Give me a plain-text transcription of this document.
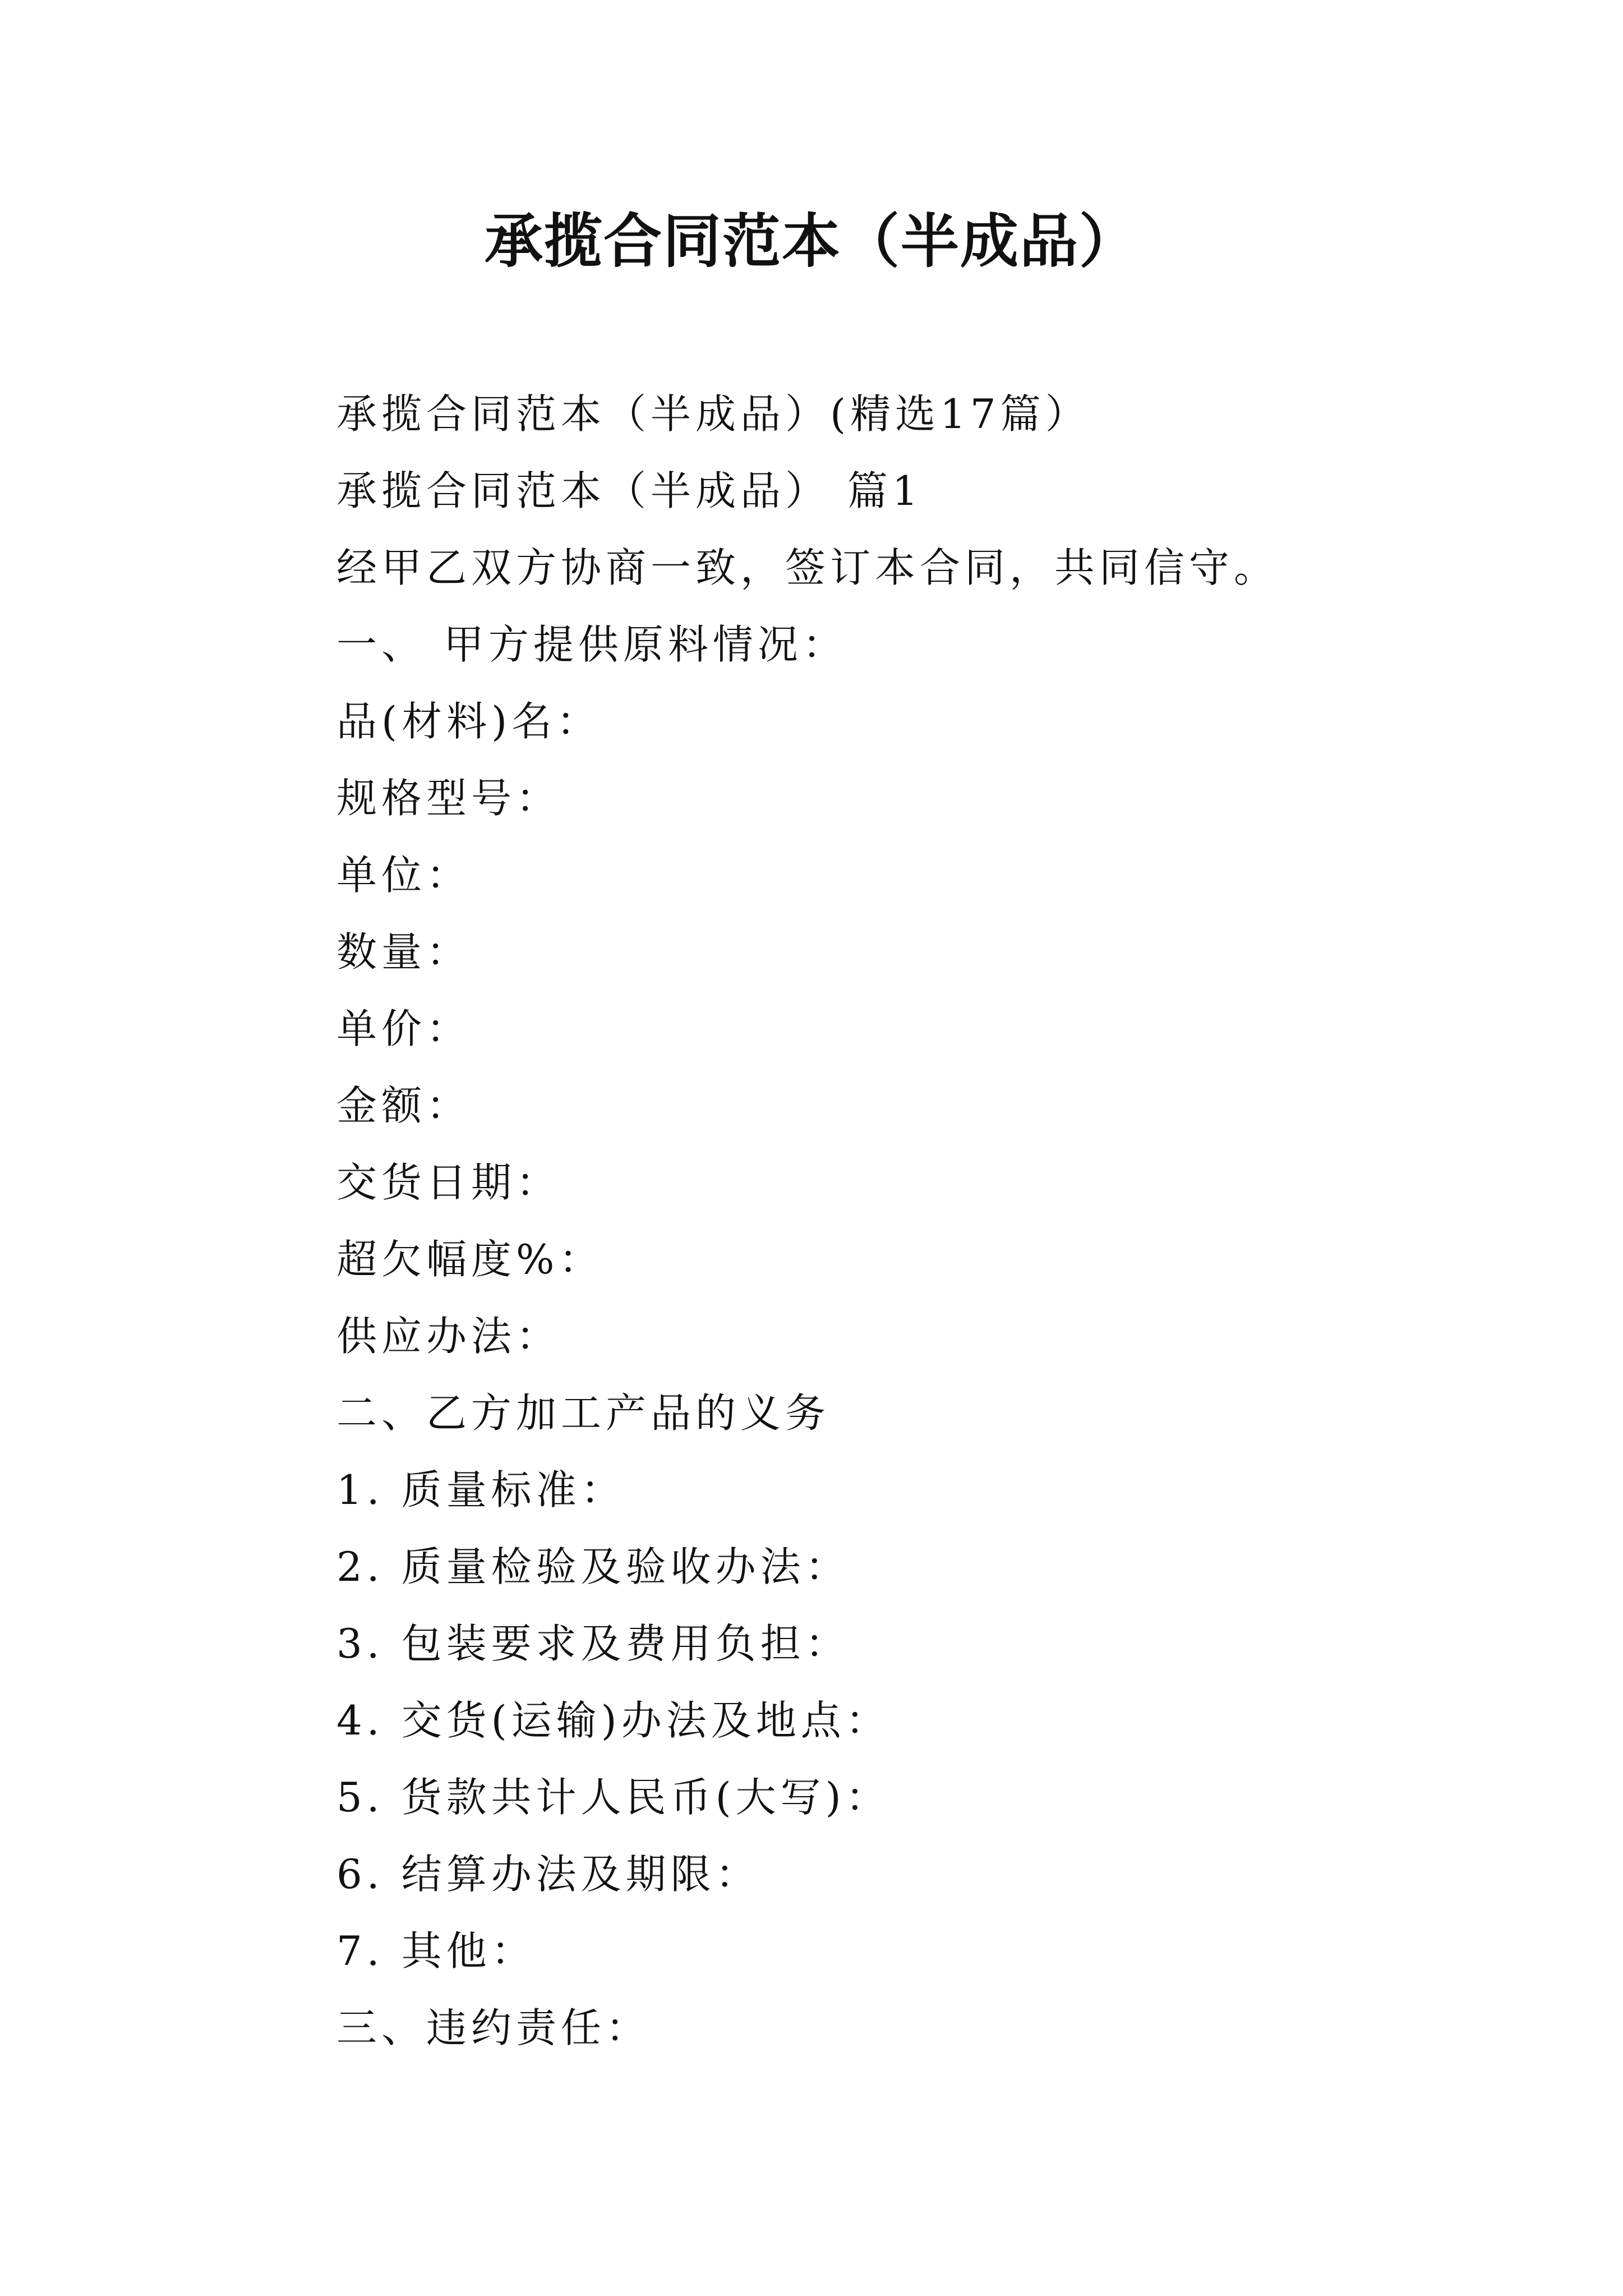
承揽合同范本（半成品）
承揽合同范本（半成品）(精选17篇）
承揽合同范本（半成品） 篇1
经甲乙双方协商一致，签订本合同，共同信守。
一、 甲方提供原料情况：
品(材料)名：
规格型号：
单位：
数量：
单价：
金额：
交货日期：
超欠幅度%：
供应办法：
二、乙方加工产品的义务
1. 质量标准：
2. 质量检验及验收办法：
3. 包装要求及费用负担：
4. 交货(运输)办法及地点：
5. 货款共计人民币(大写)：
6. 结算办法及期限：
7. 其他：
三、违约责任：
